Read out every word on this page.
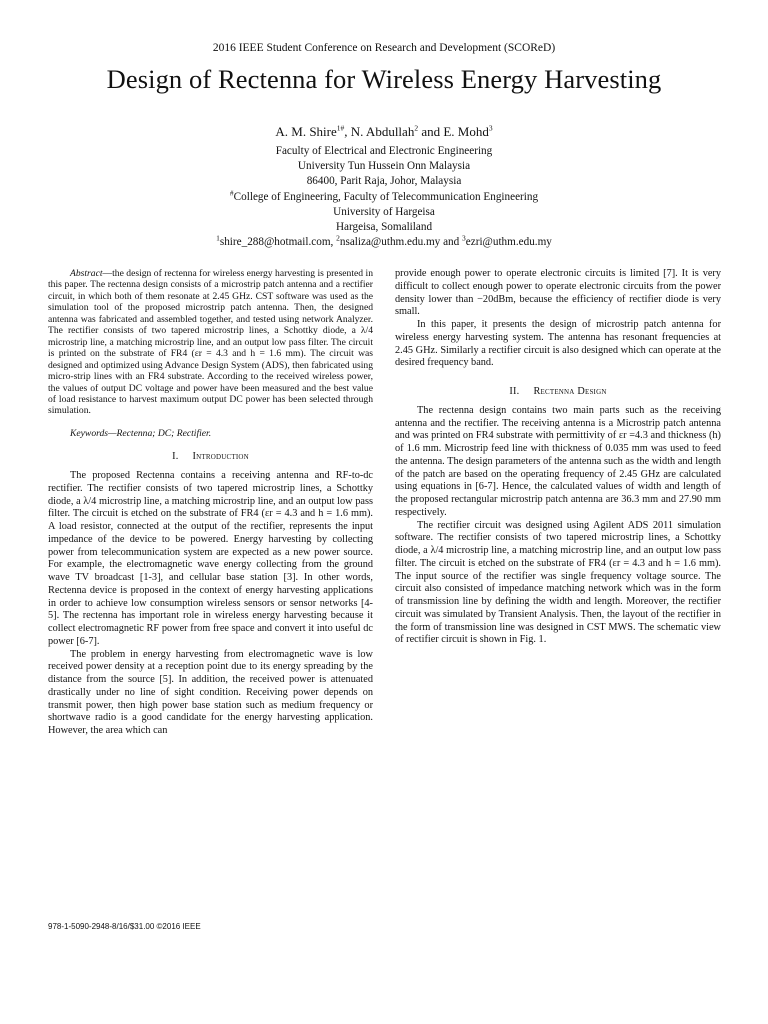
2016 IEEE Student Conference on Research and Development (SCOReD)
Design of Rectenna for Wireless Energy Harvesting
A. M. Shire$^{1\#}$, N. Abdullah$^2$ and E. Mohd$^3$
Faculty of Electrical and Electronic Engineering
University Tun Hussein Onn Malaysia
86400, Parit Raja, Johor, Malaysia
#College of Engineering, Faculty of Telecommunication Engineering
University of Hargeisa
Hargeisa, Somaliland
$^1$shire_288@hotmail.com, $^2$nsaliza@uthm.edu.my and $^3$ezri@uthm.edu.my

Abstract—the design of rectenna for wireless energy harvesting is presented in this paper. The rectenna design consists of a microstrip patch antenna and a rectifier circuit, in which both of them resonate at 2.45 GHz. CST software was used as the simulation tool of the proposed microstrip patch antenna. Then, the designed antenna was fabricated and assembled together, and tested using network Analyzer. The rectifier consists of two tapered microstrip lines, a Schottky diode, a λ/4 microstrip line, a matching microstrip line, and an output low pass filter. The circuit is printed on the substrate of FR4 (εr = 4.3 and h = 1.6 mm). The circuit was designed and optimized using Advance Design System (ADS), then fabricated using micro-strip lines with an FR4 substrate. According to the received wireless power, the values of output DC voltage and power have been measured and the best value of load resistance to harvest maximum output DC power has been selected through simulation.

Keywords—Rectenna; DC; Rectifier.

I. Introduction

The proposed Rectenna contains a receiving antenna and RF-to-dc rectifier. The rectifier consists of two tapered microstrip lines, a Schottky diode, a λ/4 microstrip line, a matching microstrip line, and an output low pass filter. The circuit is etched on the substrate of FR4 (εr = 4.3 and h = 1.6 mm). A load resistor, connected at the output of the rectifier, represents the input impedance of the device to be powered. Energy harvesting by collecting power from telecommunication system are expected as a new power source. For example, the electromagnetic wave energy collecting from the ground wave TV broadcast [1-3], and cellular base station [3]. In other words, Rectenna device is proposed in the context of energy harvesting applications in order to achieve low consumption wireless sensors or sensor networks [4-5]. The rectenna has important role in wireless energy harvesting because it collect electromagnetic RF power from free space and convert it into useful dc power [6-7].

The problem in energy harvesting from electromagnetic wave is low received power density at a reception point due to its energy spreading by the distance from the source [5]. In addition, the received power is attenuated drastically under no line of sight condition. Receiving power depends on transmit power, then high power base station such as medium frequency or shortwave radio is a good candidate for the energy harvesting application. However, the area which can

provide enough power to operate electronic circuits is limited [7]. It is very difficult to collect enough power to operate electronic circuits from the power density lower than −20dBm, because the efficiency of rectifier diode is very small.

In this paper, it presents the design of microstrip patch antenna for wireless energy harvesting system. The antenna has resonant frequencies at 2.45 GHz. Similarly a rectifier circuit is also designed which can operate at the desired frequency band.

II. Rectenna Design

The rectenna design contains two main parts such as the receiving antenna and the rectifier. The receiving antenna is a Microstrip patch antenna and was printed on FR4 substrate with permittivity of εr =4.3 and thickness (h) of 1.6 mm. Microstrip feed line with thickness of 0.035 mm was used to feed the antenna. The design parameters of the antenna such as the width and length of the patch are based on the operating frequency of 2.45 GHz are calculated using equations in [6-7]. Hence, the calculated values of width and length of the proposed rectangular microstrip patch antenna are 36.3 mm and 27.90 mm respectively.

The rectifier circuit was designed using Agilent ADS 2011 simulation software. The rectifier consists of two tapered microstrip lines, a Schottky diode, a λ/4 microstrip line, a matching microstrip line, and an output low pass filter. The circuit is etched on the substrate of FR4 (εr = 4.3 and h = 1.6 mm). The input source of the rectifier was single frequency voltage source. The circuit also consisted of impedance matching network which was in the form of transmission line by defining the width and length. Moreover, the rectifier circuit was simulated by Transient Analysis. Then, the layout of the rectifier in the form of transmission line was designed in CST MWS. The schematic view of rectifier circuit is shown in Fig. 1.

978-1-5090-2948-8/16/$31.00 ©2016 IEEE
